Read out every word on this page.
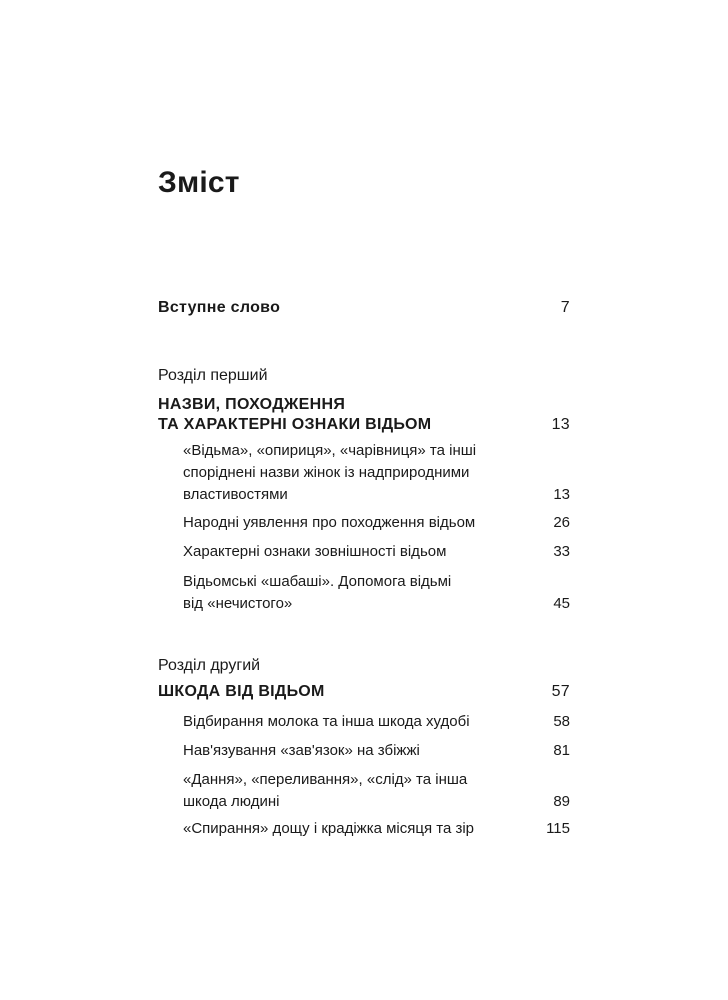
Зміст
Вступне слово	7

Розділ перший

НАЗВИ, ПОХОДЖЕННЯ
ТА ХАРАКТЕРНІ ОЗНАКИ ВІДЬОМ	13
«Відьма», «опириця», «чарівниця» та інші
споріднені назви жінок із надприродними
властивостями	13
Народні уявлення про походження відьом	26
Характерні ознаки зовнішності відьом	33
Відьомські «шабаші». Допомога відьмі
від «нечистого»	45

Розділ другий

ШКОДА ВІД ВІДЬОМ	57
Відбирання молока та інша шкода худобі	58
Нав'язування «зав'язок» на збіжжі	81
«Дання», «переливання», «слід» та інша
шкода людині	89
«Спирання» дощу і крадіжка місяця та зір	115
